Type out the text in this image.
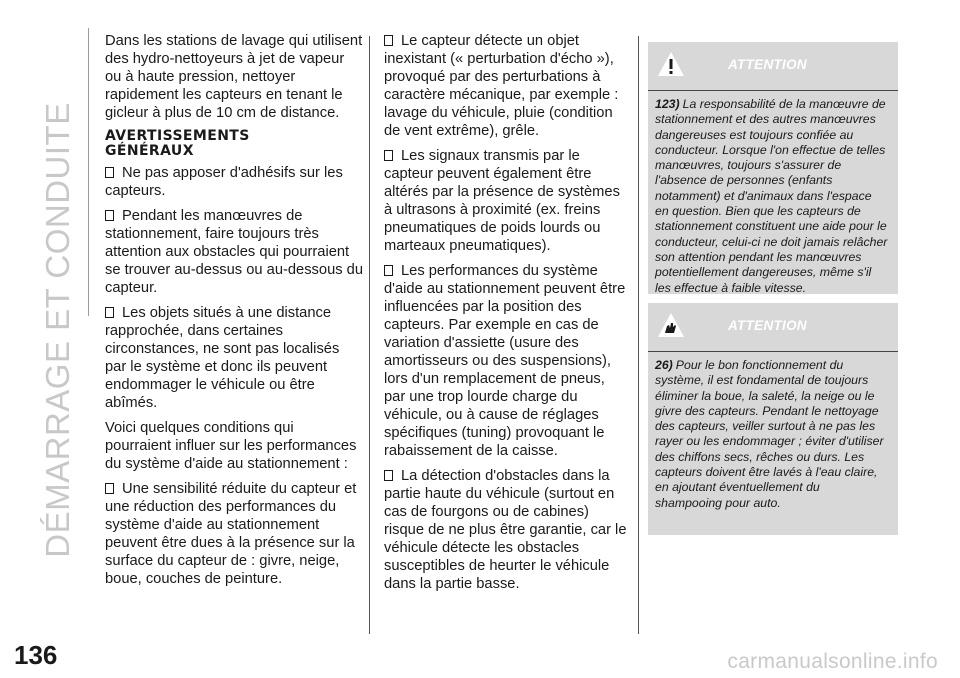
DÉMARRAGE ET CONDUITE

Dans les stations de lavage qui utilisent des hydro-nettoyeurs à jet de vapeur ou à haute pression, nettoyer rapidement les capteurs en tenant le gicleur à plus de 10 cm de distance.

AVERTISSEMENTS
GÉNÉRAUX

Ne pas apposer d'adhésifs sur les capteurs.

Pendant les manœuvres de stationnement, faire toujours très attention aux obstacles qui pourraient se trouver au-dessus ou au-dessous du capteur.

Les objets situés à une distance rapprochée, dans certaines circonstances, ne sont pas localisés par le système et donc ils peuvent endommager le véhicule ou être abîmés.

Voici quelques conditions qui pourraient influer sur les performances du système d'aide au stationnement :

Une sensibilité réduite du capteur et une réduction des performances du système d'aide au stationnement peuvent être dues à la présence sur la surface du capteur de : givre, neige, boue, couches de peinture.

Le capteur détecte un objet inexistant (« perturbation d'écho »), provoqué par des perturbations à caractère mécanique, par exemple : lavage du véhicule, pluie (condition de vent extrême), grêle.

Les signaux transmis par le capteur peuvent également être altérés par la présence de systèmes à ultrasons à proximité (ex. freins pneumatiques de poids lourds ou marteaux pneumatiques).

Les performances du système d'aide au stationnement peuvent être influencées par la position des capteurs. Par exemple en cas de variation d'assiette (usure des amortisseurs ou des suspensions), lors d'un remplacement de pneus, par une trop lourde charge du véhicule, ou à cause de réglages spécifiques (tuning) provoquant le rabaissement de la caisse.

La détection d'obstacles dans la partie haute du véhicule (surtout en cas de fourgons ou de cabines) risque de ne plus être garantie, car le véhicule détecte les obstacles susceptibles de heurter le véhicule dans la partie basse.

ATTENTION
123) La responsabilité de la manœuvre de stationnement et des autres manœuvres dangereuses est toujours confiée au conducteur. Lorsque l'on effectue de telles manœuvres, toujours s'assurer de l'absence de personnes (enfants notamment) et d'animaux dans l'espace en question. Bien que les capteurs de stationnement constituent une aide pour le conducteur, celui-ci ne doit jamais relâcher son attention pendant les manœuvres potentiellement dangereuses, même s'il les effectue à faible vitesse.
ATTENTION
26) Pour le bon fonctionnement du système, il est fondamental de toujours éliminer la boue, la saleté, la neige ou le givre des capteurs. Pendant le nettoyage des capteurs, veiller surtout à ne pas les rayer ou les endommager ; éviter d'utiliser des chiffons secs, rêches ou durs. Les capteurs doivent être lavés à l'eau claire, en ajoutant éventuellement du shampooing pour auto.
136	carmanualsonline.info
